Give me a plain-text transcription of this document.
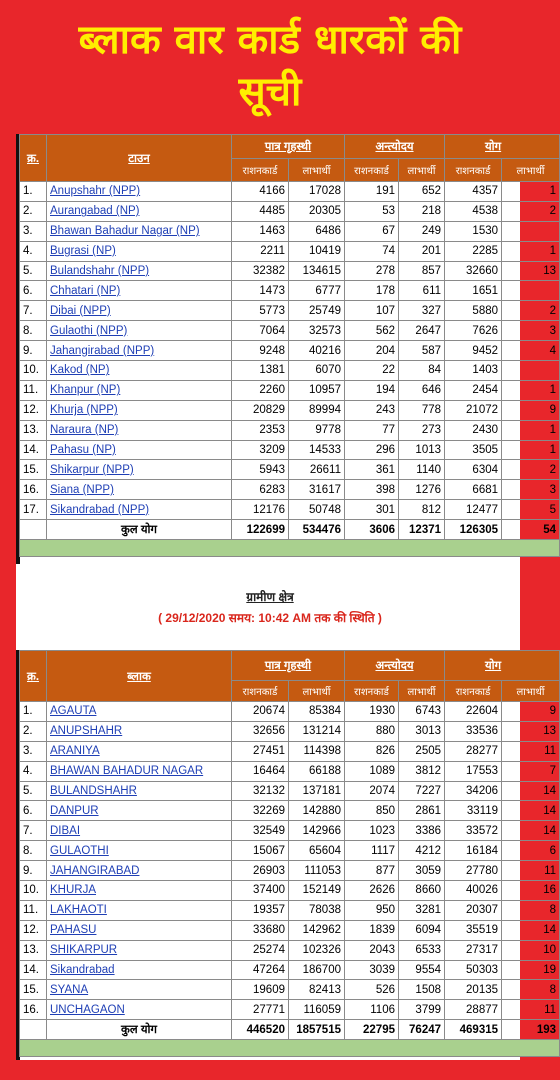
ब्लाक वार कार्ड धारकों की
सूची
क्र.	टाउन	पात्र गृहस्थी		अन्त्योदय		योग	
		राशनकार्ड	लाभार्थी	राशनकार्ड	लाभार्थी	राशनकार्ड	लाभार्थी
1.	Anupshahr (NPP)	4166	17028	191	652	4357	1
2.	Aurangabad (NP)	4485	20305	53	218	4538	2
3.	Bhawan Bahadur Nagar (NP)	1463	6486	67	249	1530	
4.	Bugrasi (NP)	2211	10419	74	201	2285	1
5.	Bulandshahr (NPP)	32382	134615	278	857	32660	13
6.	Chhatari (NP)	1473	6777	178	611	1651	
7.	Dibai (NPP)	5773	25749	107	327	5880	2
8.	Gulaothi (NPP)	7064	32573	562	2647	7626	3
9.	Jahangirabad (NPP)	9248	40216	204	587	9452	4
10.	Kakod (NP)	1381	6070	22	84	1403	
11.	Khanpur (NP)	2260	10957	194	646	2454	1
12.	Khurja (NPP)	20829	89994	243	778	21072	9
13.	Naraura (NP)	2353	9778	77	273	2430	1
14.	Pahasu (NP)	3209	14533	296	1013	3505	1
15.	Shikarpur (NPP)	5943	26611	361	1140	6304	2
16.	Siana (NPP)	6283	31617	398	1276	6681	3
17.	Sikandrabad (NPP)	12176	50748	301	812	12477	5
	कुल योग	122699	534476	3606	12371	126305	54

ग्रामीण क्षेत्र
( 29/12/2020 समय: 10:42 AM तक की स्थिति )
क्र.	ब्लाक	पात्र गृहस्थी		अन्त्योदय		योग	
		राशनकार्ड	लाभार्थी	राशनकार्ड	लाभार्थी	राशनकार्ड	लाभार्थी
1.	AGAUTA	20674	85384	1930	6743	22604	9
2.	ANUPSHAHR	32656	131214	880	3013	33536	13
3.	ARANIYA	27451	114398	826	2505	28277	11
4.	BHAWAN BAHADUR NAGAR	16464	66188	1089	3812	17553	7
5.	BULANDSHAHR	32132	137181	2074	7227	34206	14
6.	DANPUR	32269	142880	850	2861	33119	14
7.	DIBAI	32549	142966	1023	3386	33572	14
8.	GULAOTHI	15067	65604	1117	4212	16184	6
9.	JAHANGIRABAD	26903	111053	877	3059	27780	11
10.	KHURJA	37400	152149	2626	8660	40026	16
11.	LAKHAOTI	19357	78038	950	3281	20307	8
12.	PAHASU	33680	142962	1839	6094	35519	14
13.	SHIKARPUR	25274	102326	2043	6533	27317	10
14.	Sikandrabad	47264	186700	3039	9554	50303	19
15.	SYANA	19609	82413	526	1508	20135	8
16.	UNCHAGAON	27771	116059	1106	3799	28877	11
	कुल योग	446520	1857515	22795	76247	469315	193
